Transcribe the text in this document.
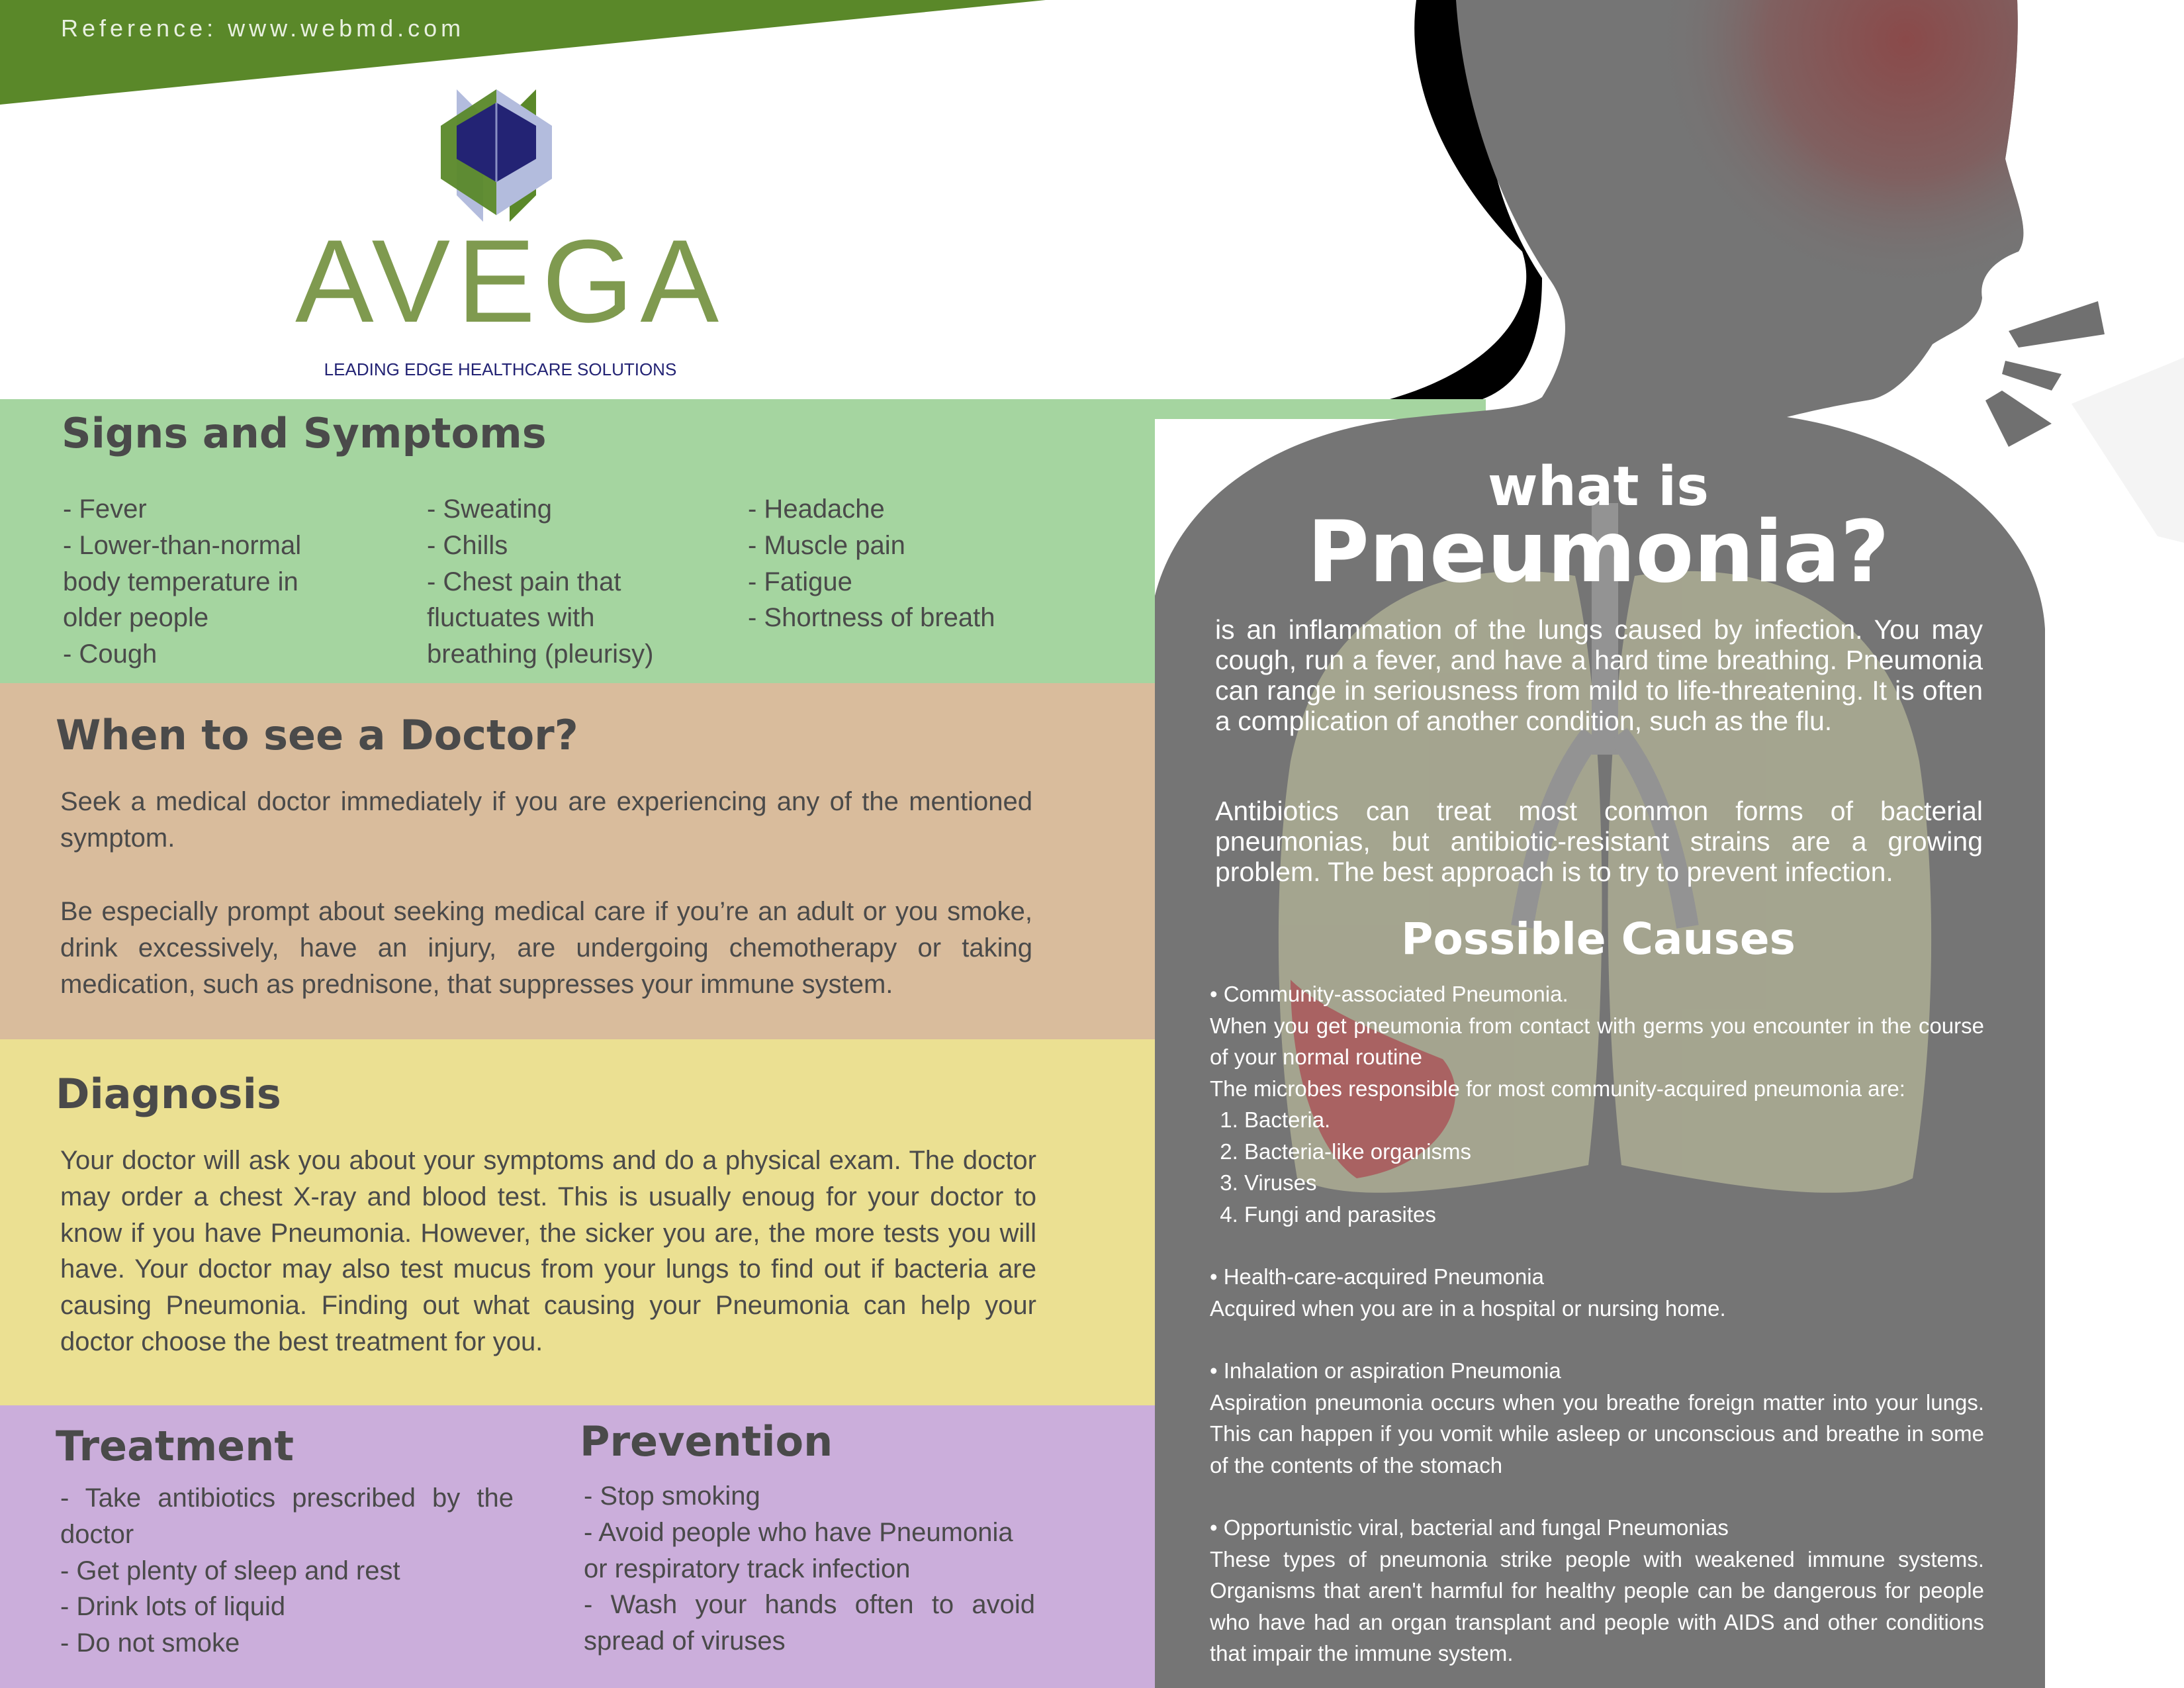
Reference: www.webmd.com
AVEGA
LEADING EDGE HEALTHCARE SOLUTIONS
Signs and Symptoms

- Fever
- Lower-than-normal
body temperature in
older people
- Cough

- Sweating
- Chills
- Chest pain that
fluctuates with
breathing (pleurisy)

- Headache
- Muscle pain
- Fatigue
- Shortness of breath

When to see a Doctor?
Seek a medical doctor immediately if you are experiencing any of the mentioned symptom.
Be especially prompt about seeking medical care if you’re an adult or you smoke, drink excessively, have an injury, are undergoing chemotherapy or taking medication, such as prednisone, that suppresses your immune system.
Diagnosis
Your doctor will ask you about your symptoms and do a physical exam. The doctor may order a chest X-ray and blood test. This is usually enoug for your doctor to know if you have Pneumonia. However, the sicker you are, the more tests you will have. Your doctor may also test mucus from your lungs to find out if bacteria are causing Pneumonia. Finding out what causing your Pneumonia can help your doctor choose the best treatment for you.
Treatment
- Take antibiotics prescribed by the doctor
- Get plenty of sleep and rest
- Drink lots of liquid
- Do not smoke
Prevention
- Stop smoking
- Avoid people who have Pneumonia or respiratory track infection
- Wash your hands often to avoid spread of viruses
what is
Pneumonia?
is an inflammation of the lungs caused by infection. You may cough, run a fever, and have a hard time breathing. Pneumonia can range in seriousness from mild to life-threatening. It is often a complication of another condition, such as the flu.
Antibiotics can treat most common forms of bacterial pneumonias, but antibiotic-resistant strains are a growing problem. The best approach is to try to prevent infection.
Possible Causes

• Community-associated Pneumonia.

When you get pneumonia from contact with germs you encounter in the course of your normal routine

The microbes responsible for most community-acquired pneumonia are:

1. Bacteria.
2. Bacteria-like organisms
3. Viruses
4. Fungi and parasites

• Health-care-acquired Pneumonia

Acquired when you are in a hospital or nursing home.

• Inhalation or aspiration Pneumonia

Aspiration pneumonia occurs when you breathe foreign matter into your lungs. This can happen if you vomit while asleep or unconscious and breathe in some of the contents of the stomach

• Opportunistic viral, bacterial and fungal Pneumonias

These types of pneumonia strike people with weakened immune systems. Organisms that aren't harmful for healthy people can be dangerous for people who have had an organ transplant and people with AIDS and other conditions that impair the immune system.
